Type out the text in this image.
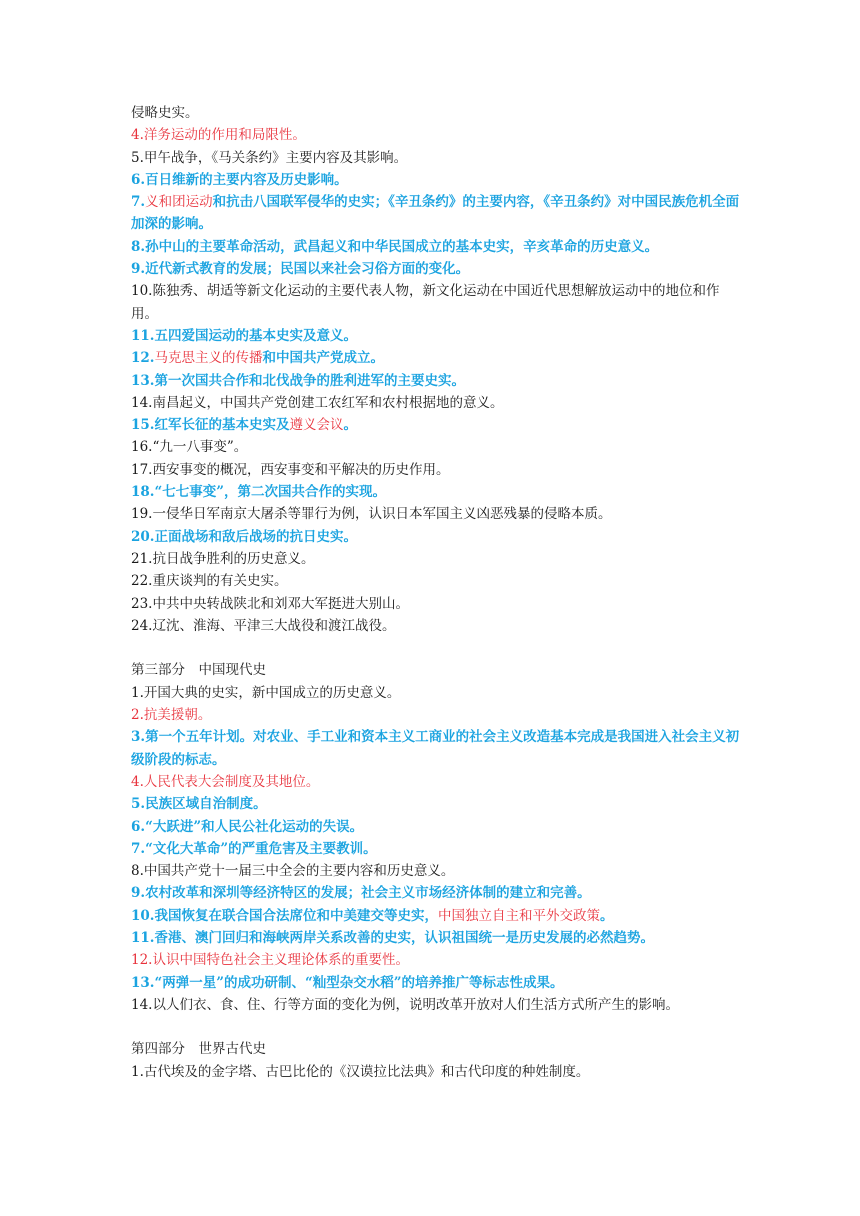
侵略史实。
4.洋务运动的作用和局限性。
5.甲午战争，《马关条约》主要内容及其影响。
6.百日维新的主要内容及历史影响。
7.义和团运动和抗击八国联军侵华的史实；《辛丑条约》的主要内容，《辛丑条约》对中国民族危机全面加深的影响。
8.孙中山的主要革命活动，武昌起义和中华民国成立的基本史实，辛亥革命的历史意义。
9.近代新式教育的发展；民国以来社会习俗方面的变化。
10.陈独秀、胡适等新文化运动的主要代表人物，新文化运动在中国近代思想解放运动中的地位和作用。
11.五四爱国运动的基本史实及意义。
12.马克思主义的传播和中国共产党成立。
13.第一次国共合作和北伐战争的胜利进军的主要史实。
14.南昌起义，中国共产党创建工农红军和农村根据地的意义。
15.红军长征的基本史实及遵义会议。
16.“九一八事变”。
17.西安事变的概况，西安事变和平解决的历史作用。
18.“七七事变”，第二次国共合作的实现。
19.一侵华日军南京大屠杀等罪行为例，认识日本军国主义凶恶残暴的侵略本质。
20.正面战场和敌后战场的抗日史实。
21.抗日战争胜利的历史意义。
22.重庆谈判的有关史实。
23.中共中央转战陕北和刘邓大军挺进大别山。
24.辽沈、淮海、平津三大战役和渡江战役。
第三部分　中国现代史
1.开国大典的史实，新中国成立的历史意义。
2.抗美援朝。
3.第一个五年计划。对农业、手工业和资本主义工商业的社会主义改造基本完成是我国进入社会主义初级阶段的标志。
4.人民代表大会制度及其地位。
5.民族区域自治制度。
6.“大跃进”和人民公社化运动的失误。
7.“文化大革命”的严重危害及主要教训。
8.中国共产党十一届三中全会的主要内容和历史意义。
9.农村改革和深圳等经济特区的发展；社会主义市场经济体制的建立和完善。
10.我国恢复在联合国合法席位和中美建交等史实，中国独立自主和平外交政策。
11.香港、澳门回归和海峡两岸关系改善的史实，认识祖国统一是历史发展的必然趋势。
12.认识中国特色社会主义理论体系的重要性。
13.“两弹一星”的成功研制、“籼型杂交水稻”的培养推广等标志性成果。
14.以人们衣、食、住、行等方面的变化为例，说明改革开放对人们生活方式所产生的影响。
第四部分　世界古代史
1.古代埃及的金字塔、古巴比伦的《汉谟拉比法典》和古代印度的种姓制度。
